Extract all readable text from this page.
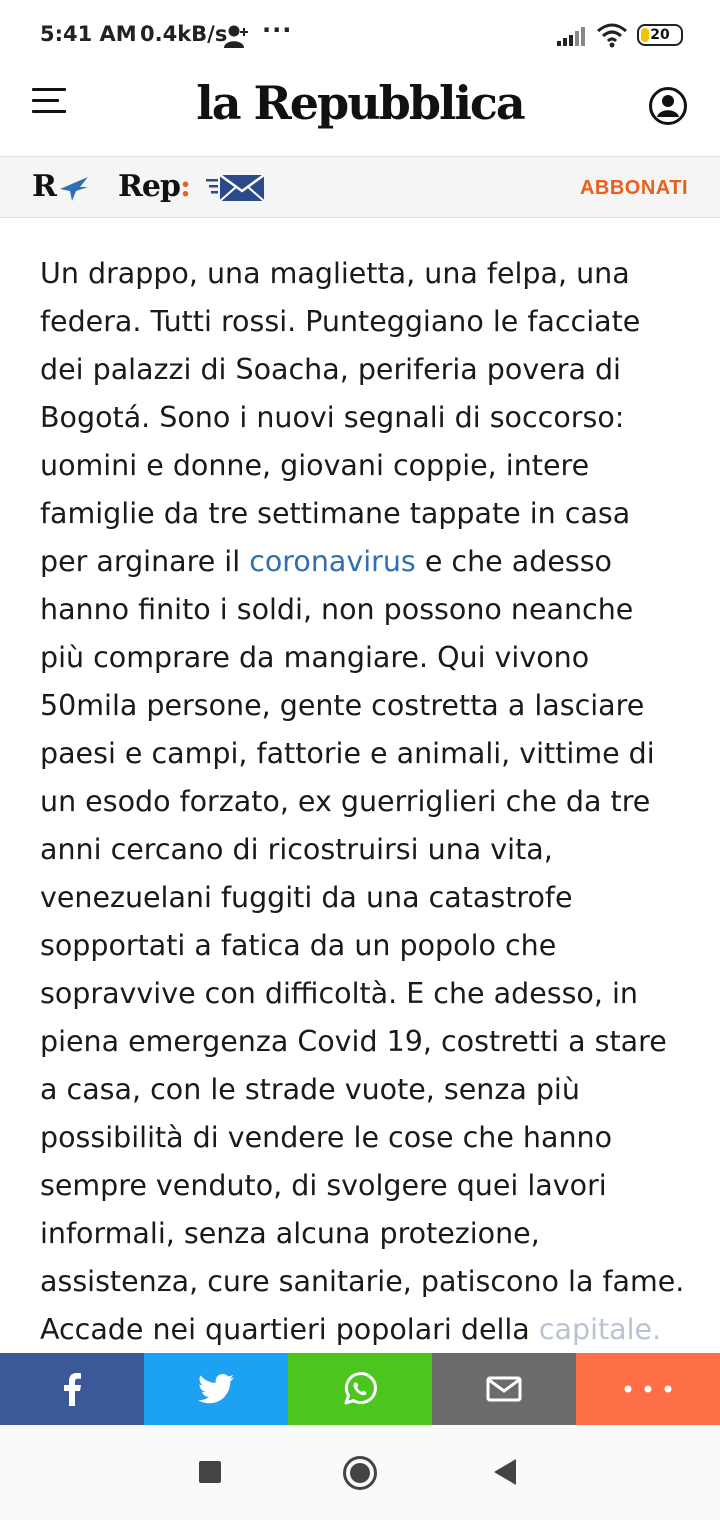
5:41 AM 0.4kB/s ···	20
la Repubblica
R Rep:	ABBONATI
Un drappo, una maglietta, una felpa, una federa. Tutti rossi. Punteggiano le facciate dei palazzi di Soacha, periferia povera di Bogotá. Sono i nuovi segnali di soccorso: uomini e donne, giovani coppie, intere famiglie da tre settimane tappate in casa per arginare il coronavirus e che adesso hanno finito i soldi, non possono neanche più comprare da mangiare. Qui vivono 50mila persone, gente costretta a lasciare paesi e campi, fattorie e animali, vittime di un esodo forzato, ex guerriglieri che da tre anni cercano di ricostruirsi una vita, venezuelani fuggiti da una catastrofe sopportati a fatica da un popolo che sopravvive con difficoltà. E che adesso, in piena emergenza Covid 19, costretti a stare a casa, con le strade vuote, senza più possibilità di vendere le cose che hanno sempre venduto, di svolgere quei lavori informali, senza alcuna protezione, assistenza, cure sanitarie, patiscono la fame. Accade nei quartieri popolari della capitale.
